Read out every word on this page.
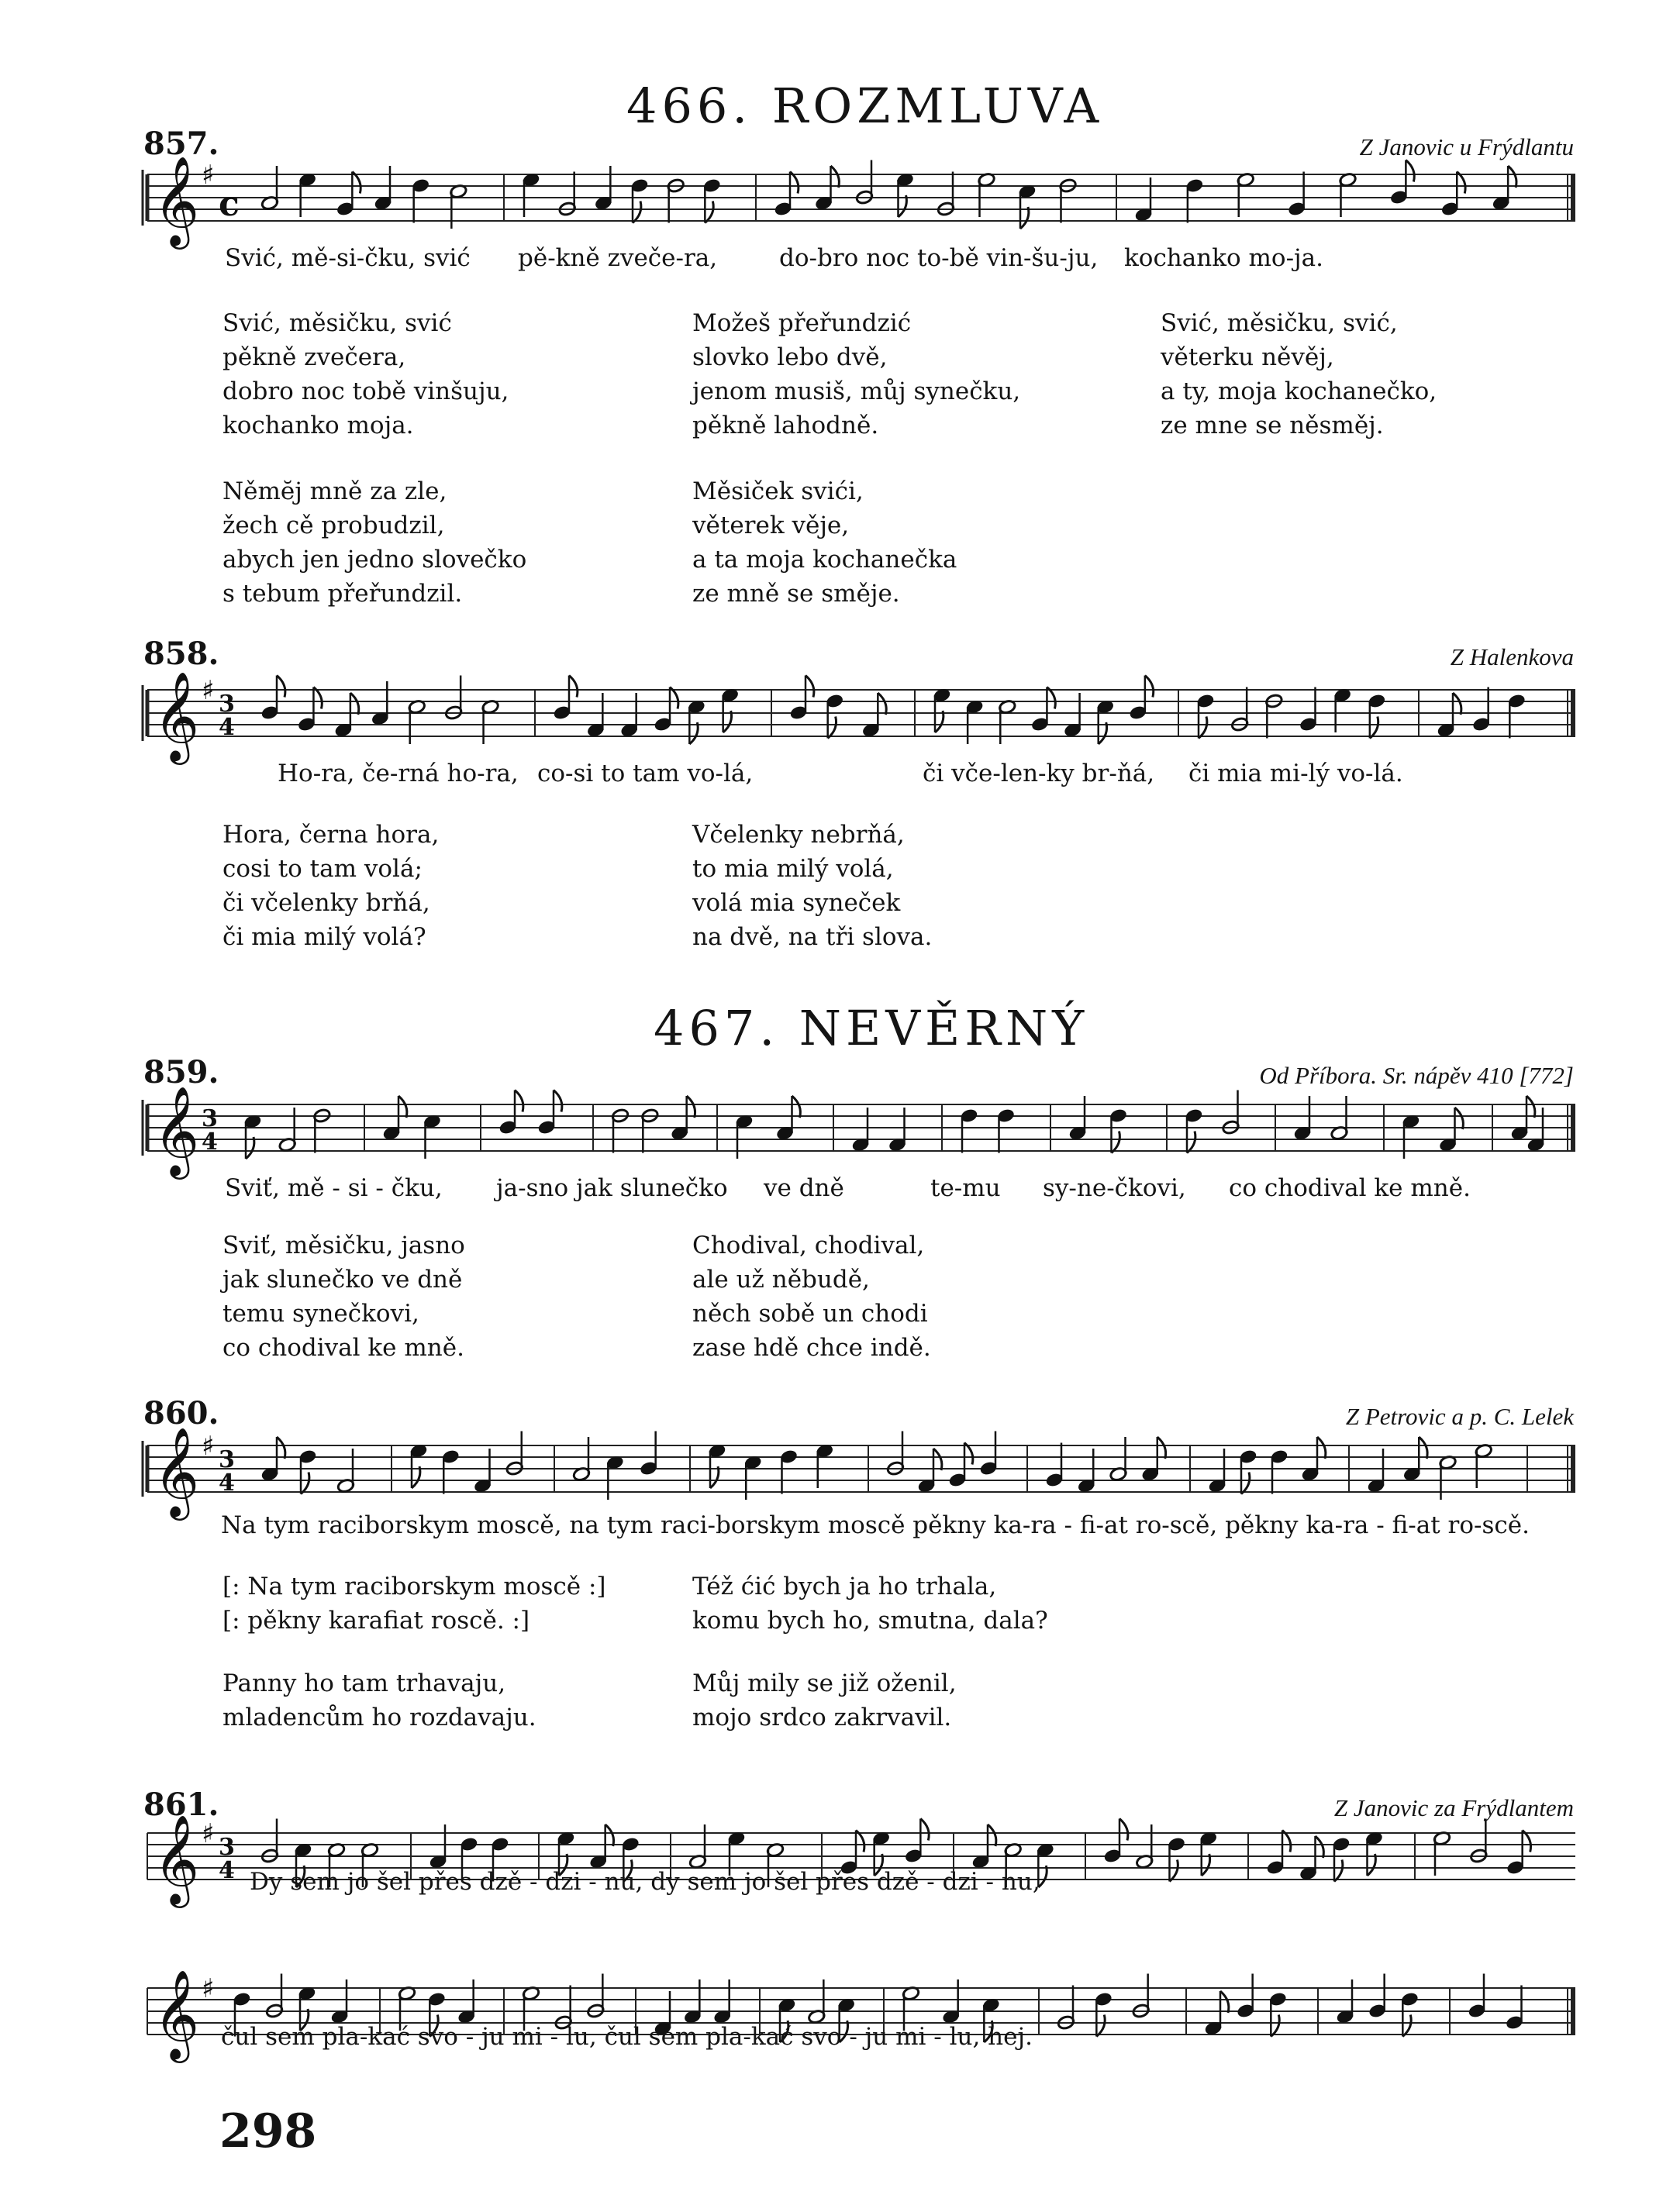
466. ROZMLUVA
467. NEVĚRNÝ
857.	Z Janovic u Frýdlantu
𝄞 ♯
c
Svić, mě-si-čku, svić pě-kně zveče-ra,	do-bro noc to-bě vin-šu-ju, kochanko mo-ja.
Svić, měsičku, svić
pěkně zvečera,
dobro noc tobě vinšuju,
kochanko moja.
Možeš přeřundzić
slovko lebo dvě,
jenom musiš, můj synečku,
pěkně lahodně.
Svić, měsičku, svić,
věterku něvěj,
a ty, moja kochanečko,
ze mne se něsměj.
Němĕj mně za zle,
žech cě probudzil,
abych jen jedno slovečko
s tebum přeřundzil.
Měsiček svići,
věterek věje,
a ta moja kochanečka
ze mně se směje.
858.	Z Halenkova
𝄞 ♯ 3
4
Ho-ra, če-rná ho-ra, co-si to tam vo-lá,	či vče-len-ky br-ňá, či mia mi-lý vo-lá.
Hora, černa hora,
cosi to tam volá;
či včelenky brňá,
či mia milý volá?
Včelenky nebrňá,
to mia milý volá,
volá mia syneček
na dvě, na tři slova.
859.	Od Příbora. Sr. nápěv 410 [772]
𝄞 3
4
Sviť, mě - si - čku, ja-sno jak slunečko ve dně	te-mu sy-ne-čkovi, co chodival ke mně.
Sviť, měsičku, jasno
jak slunečko ve dně
temu synečkovi,
co chodival ke mně.
Chodival, chodival,
ale už něbudě,
něch sobě un chodi
zase hdě chce indě.
860.	Z Petrovic a p. C. Lelek
𝄞 ♯ 3
4
Na tym raciborskym moscě, na tym raci-borskym moscě pěkny ka-ra - fi-at ro-scě, pěkny ka-ra - fi-at ro-scě.
[: Na tym raciborskym moscě :]
[: pěkny karafiat roscě. :]
Též ćić bych ja ho trhala,
komu bych ho, smutna, dala?
Panny ho tam trhavaju,
mladencům ho rozdavaju.
Můj mily se již oženil,
mojo srdco zakrvavil.
861.	Z Janovic za Frýdlantem
𝄞 ♯ 3
4 Dy sem jo šel přes dzě - dzi - nu, dy sem jo šel přes dzě - dzi - nu,
𝄞 ♯
čul sem pla-kać svo - ju mi - lu, čul sem pla-kać svo - ju mi - lu, hej.
298
